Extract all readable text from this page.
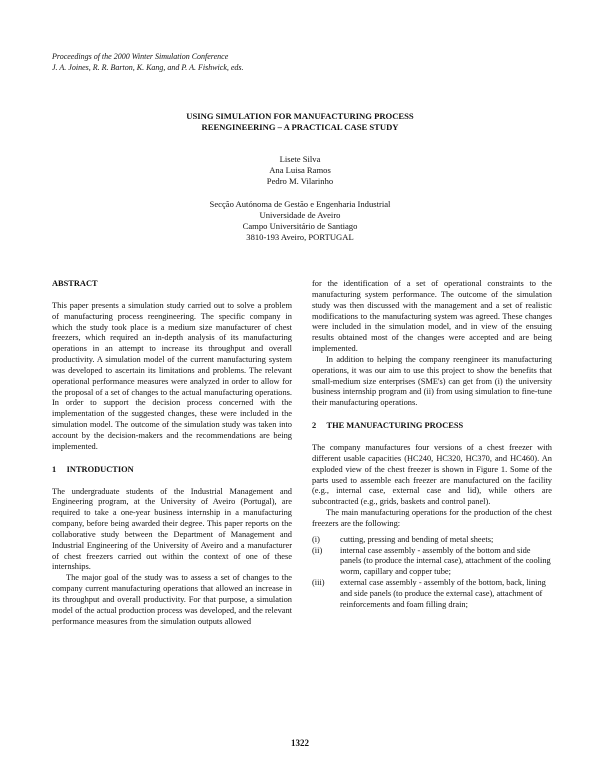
Proceedings of the 2000 Winter Simulation Conference
J. A. Joines, R. R. Barton, K. Kang, and P. A. Fishwick, eds.
USING SIMULATION FOR MANUFACTURING PROCESS
REENGINEERING – A PRACTICAL CASE STUDY
Lisete Silva
Ana Luisa Ramos
Pedro M. Vilarinho
Secção Autónoma de Gestão e Engenharia Industrial
Universidade de Aveiro
Campo Universitário de Santiago
3810-193 Aveiro, PORTUGAL

ABSTRACT

This paper presents a simulation study carried out to solve a problem of manufacturing process reengineering. The specific company in which the study took place is a medium size manufacturer of chest freezers, which required an in-depth analysis of its manufacturing operations in an attempt to increase its throughput and overall productivity. A simulation model of the current manufacturing system was developed to ascertain its limitations and problems. The relevant operational performance measures were analyzed in order to allow for the proposal of a set of changes to the actual manufacturing operations. In order to support the decision process concerned with the implementation of the suggested changes, these were included in the simulation model. The outcome of the simulation study was taken into account by the decision-makers and the recommendations are being implemented.

1     INTRODUCTION

The undergraduate students of the Industrial Management and Engineering program, at the University of Aveiro (Portugal), are required to take a one-year business internship in a manufacturing company, before being awarded their degree. This paper reports on the collaborative study between the Department of Management and Industrial Engineering of the University of Aveiro and a manufacturer of chest freezers carried out within the context of one of these internships.

The major goal of the study was to assess a set of changes to the company current manufacturing operations that allowed an increase in its throughput and overall productivity. For that purpose, a simulation model of the actual production process was developed, and the relevant performance measures from the simulation outputs allowed

for the identification of a set of operational constraints to the manufacturing system performance. The outcome of the simulation study was then discussed with the management and a set of realistic modifications to the manufacturing system was agreed. These changes were included in the simulation model, and in view of the ensuing results obtained most of the changes were accepted and are being implemented.

In addition to helping the company reengineer its manufacturing operations, it was our aim to use this project to show the benefits that small-medium size enterprises (SME's) can get from (i) the university business internship program and (ii) from using simulation to fine-tune their manufacturing operations.

2     THE MANUFACTURING PROCESS

The company manufactures four versions of a chest freezer with different usable capacities (HC240, HC320, HC370, and HC460). An exploded view of the chest freezer is shown in Figure 1. Some of the parts used to assemble each freezer are manufactured on the facility (e.g., internal case, external case and lid), while others are subcontracted (e.g., grids, baskets and control panel).

The main manufacturing operations for the production of the chest freezers are the following:

(i)	cutting, pressing and bending of metal sheets;
(ii)	internal case assembly - assembly of the bottom and side panels (to produce the internal case), attachment of the cooling worm, capillary and copper tube;
(iii)	external case assembly - assembly of the bottom, back, lining and side panels (to produce the external case), attachment of reinforcements and foam filling drain;
1322
